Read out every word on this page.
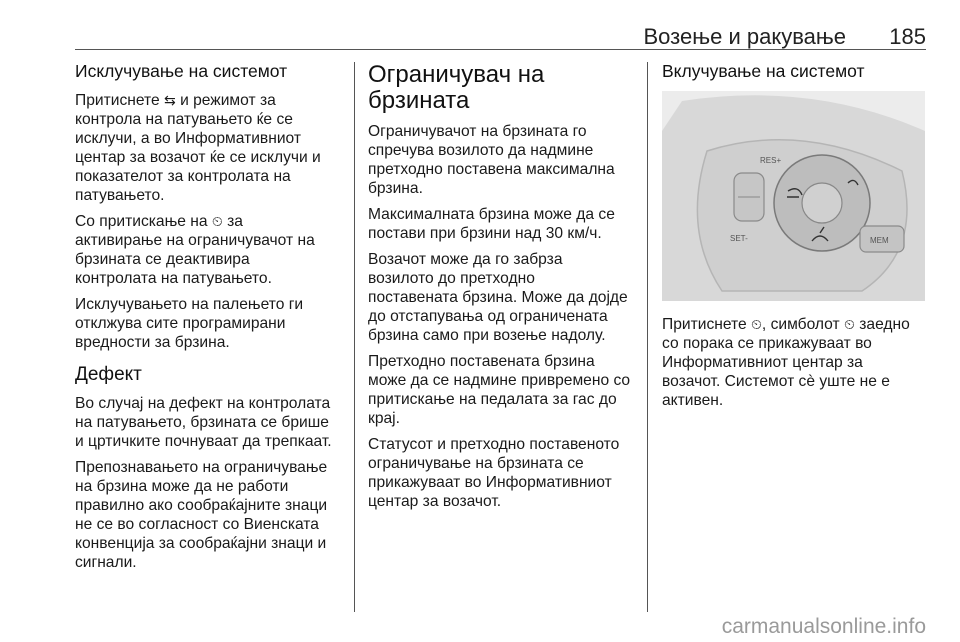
Возење и ракување 185
Исклучување на системот

Притиснете ⇆ и режимот за
контрола на патувањето ќе се
исклучи, а во Информативниот
центар за возачот ќе се исклучи и
показателот за контролата на
патувањето.

Со притискање на ⏲ за
активирање на ограничувачот на
брзината се деактивира
контролата на патувањето.

Исклучувањето на палењето ги
отклжува сите програмирани
вредности за брзина.

Дефект

Во случај на дефект на контролата
на патувањето, брзината се брише
и цртичките почнуваат да трепкаат.

Препознавањето на ограничување
на брзина може да не работи
правилно ако сообраќајните знаци
не се во согласност со Виенската
конвенција за сообраќајни знаци и
сигнали.

Ограничувач на брзината

Ограничувачот на брзината го
спречува возилото да надмине
претходно поставена максимална
брзина.

Максималната брзина може да се
постави при брзини над 30 км/ч.

Возачот може да го забрза
возилото до претходно
поставената брзина. Може да дојде
до отстапувања од ограничената
брзина само при возење надолу.

Претходно поставената брзина
може да се надмине привремено со
притискање на педалата за гас до
крај.

Статусот и претходно поставеното
ограничување на брзината се
прикажуваат во Информативниот
центар за возачот.

Вклучување на системот
RES+
SET-	MEM

Притиснете ⏲, симболот ⏲ заедно
со порака се прикажуваат во
Информативниот центар за
возачот. Системот сè уште не е
активен.

carmanualsonline.info
